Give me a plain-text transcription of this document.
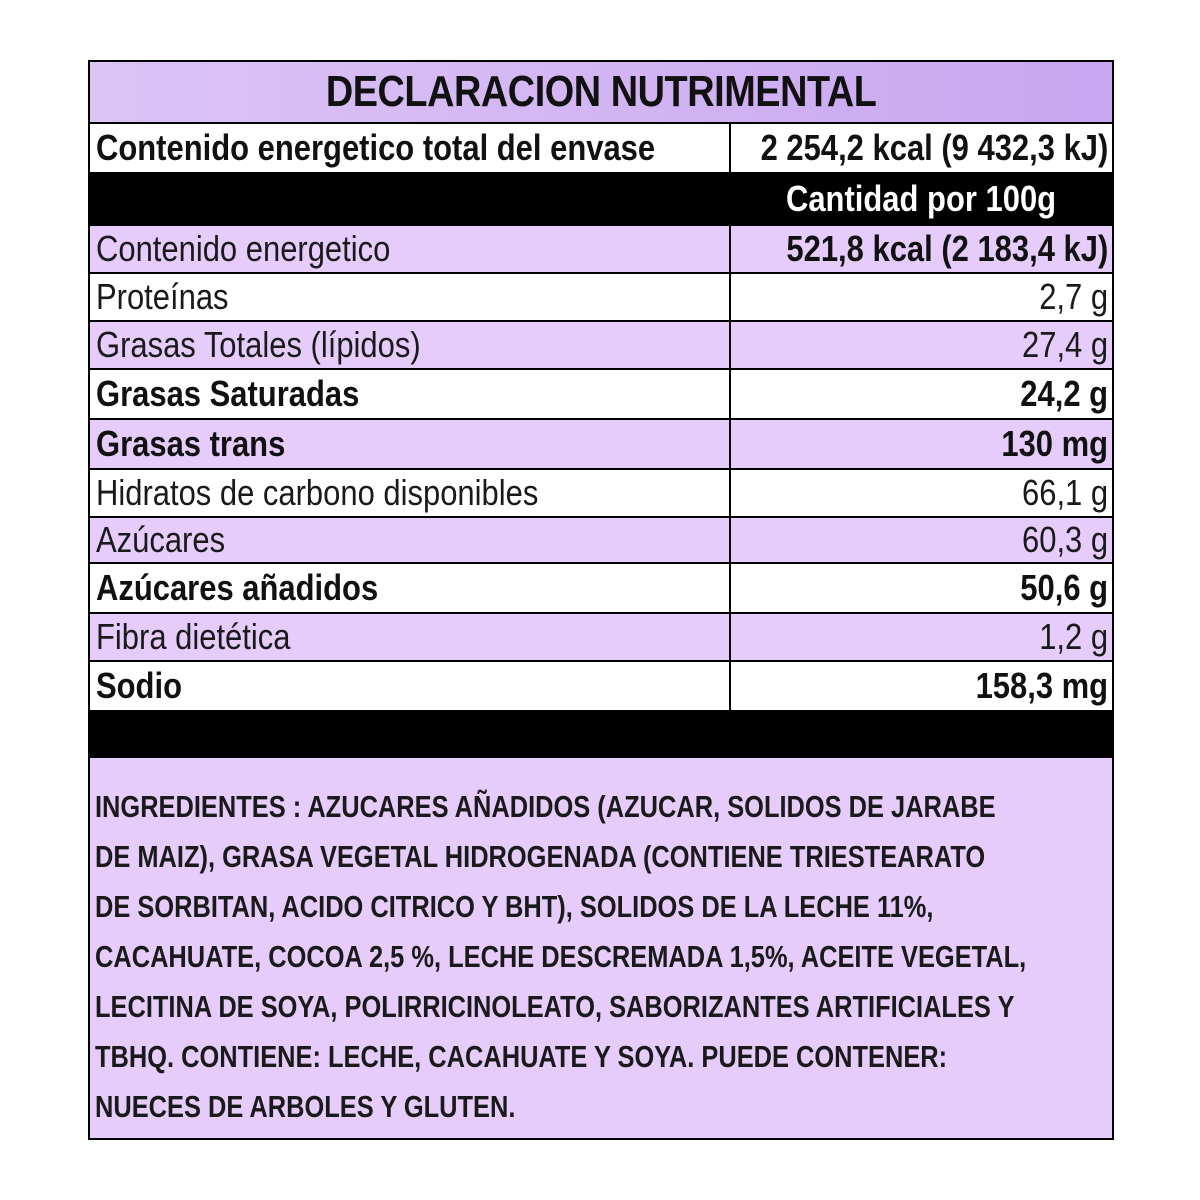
DECLARACION NUTRIMENTAL
Contenido energetico total del envase	2 254,2 kcal (9 432,3 kJ)
Cantidad por 100g
Contenido energetico	521,8 kcal (2 183,4 kJ)
Proteínas	2,7 g
Grasas Totales (lípidos)	27,4 g
Grasas Saturadas	24,2 g
Grasas trans	130 mg
Hidratos de carbono disponibles	66,1 g
Azúcares	60,3 g
Azúcares añadidos	50,6 g
Fibra dietética	1,2 g
Sodio	158,3 mg
INGREDIENTES : AZUCARES AÑADIDOS (AZUCAR, SOLIDOS DE JARABE
DE MAIZ), GRASA VEGETAL HIDROGENADA (CONTIENE TRIESTEARATO
DE SORBITAN, ACIDO CITRICO Y BHT), SOLIDOS DE LA LECHE 11%,
CACAHUATE, COCOA 2,5 %, LECHE DESCREMADA 1,5%, ACEITE VEGETAL,
LECITINA DE SOYA, POLIRRICINOLEATO, SABORIZANTES ARTIFICIALES Y
TBHQ. CONTIENE: LECHE, CACAHUATE Y SOYA. PUEDE CONTENER:
NUECES DE ARBOLES Y GLUTEN.
